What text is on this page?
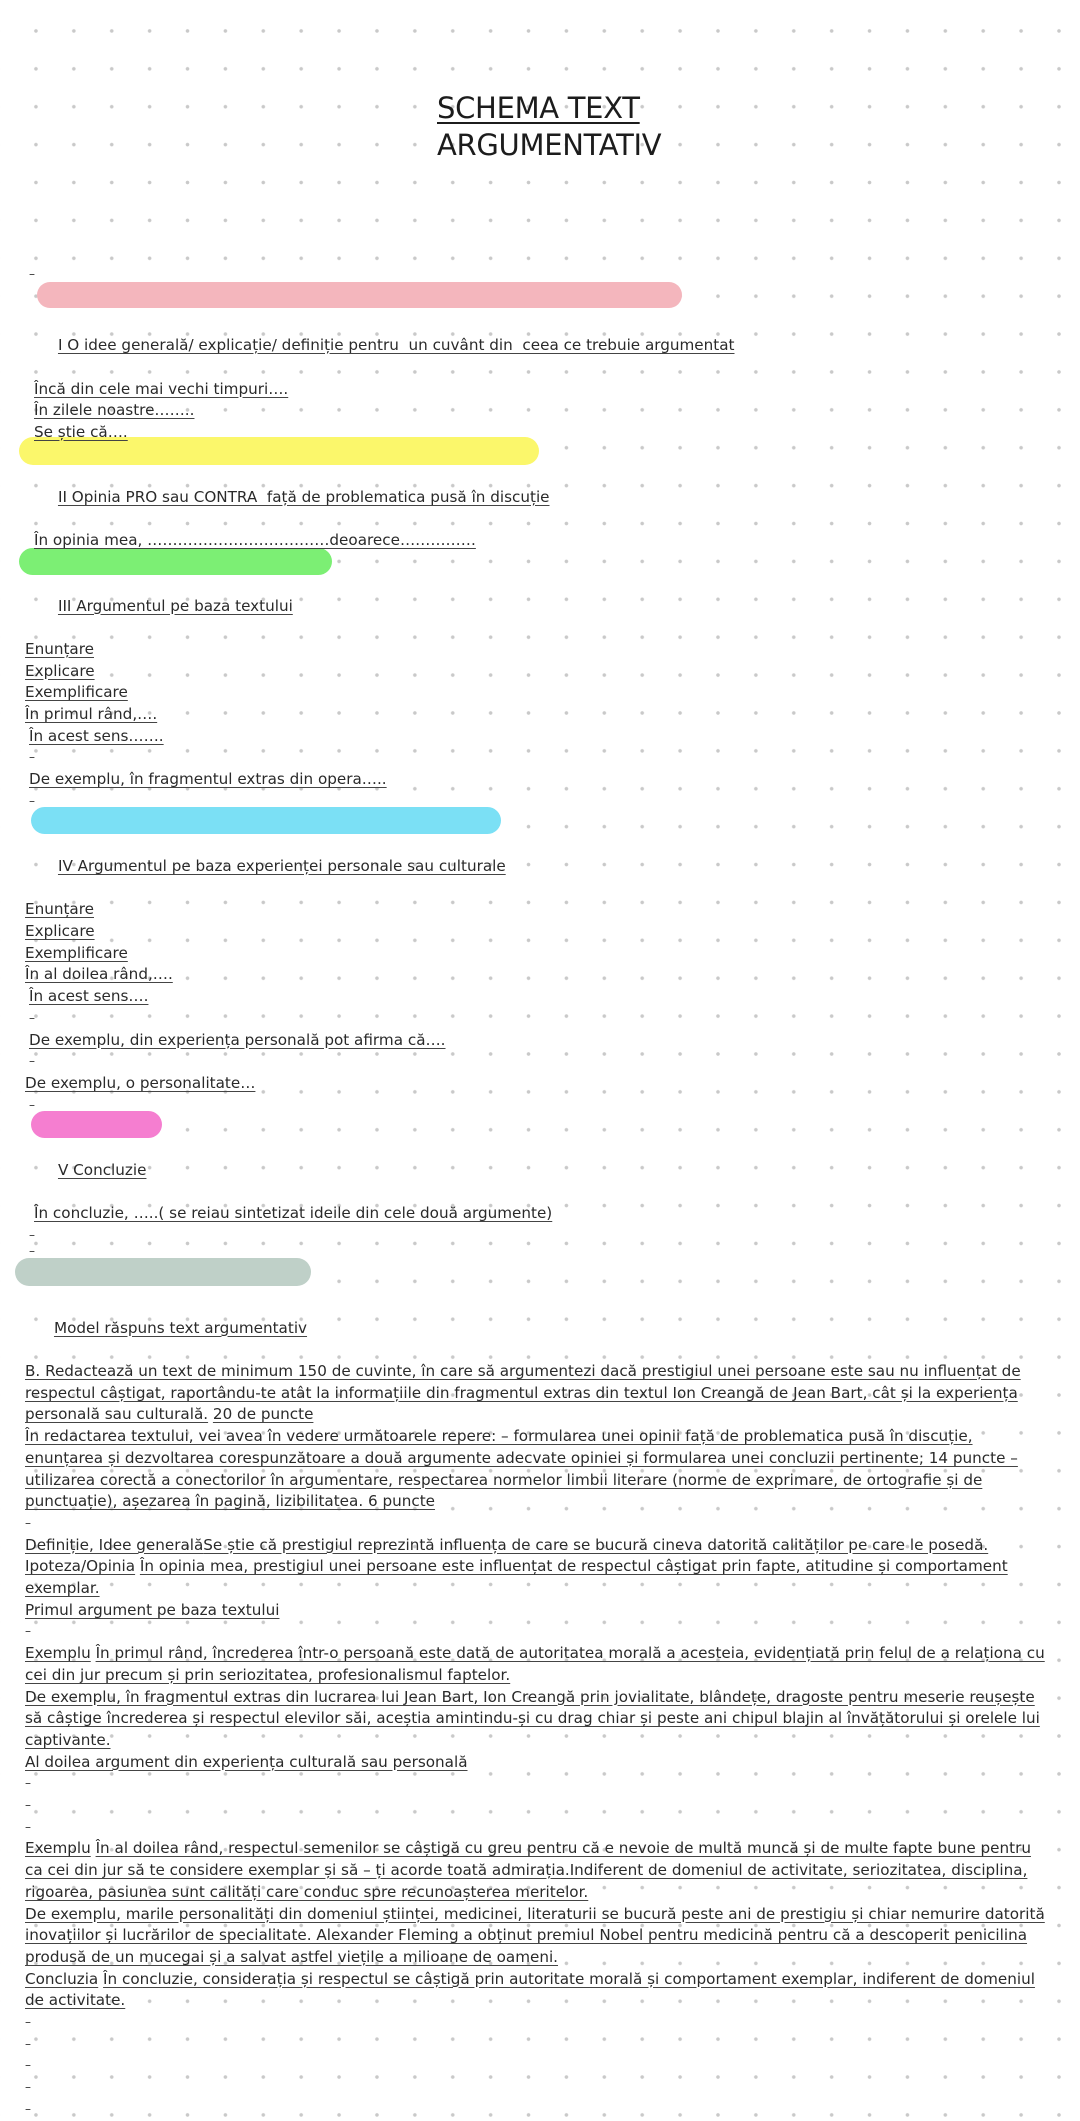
SCHEMA TEXT
ARGUMENTATIV
–

I O idee generală/ explicație/ definiție pentru  un cuvânt din  ceea ce trebuie argumentat

Încă din cele mai vechi timpuri….
În zilele noastre……..
Se știe că….

II Opinia PRO sau CONTRA  față de problematica pusă în discuție

În opinia mea, ………………………………deoarece……………

III Argumentul pe baza textului

Enunțare
Explicare
Exemplificare
În primul rând,….
În acest sens…….
–
De exemplu, în fragmentul extras din opera…..
–

IV Argumentul pe baza experienței personale sau culturale

Enunțare
Explicare
Exemplificare
În al doilea rând,….
În acest sens….
–
De exemplu, din experiența personală pot afirma că….
–
De exemplu, o personalitate…
–

V Concluzie

În concluzie, …..( se reiau sintetizat ideile din cele două argumente)
–
–

Model răspuns text argumentativ

B. Redactează un text de minimum 150 de cuvinte, în care să argumentezi dacă prestigiul unei persoane este sau nu influențat de respectul câștigat, raportându-te atât la informațiile din fragmentul extras din textul Ion Creangă de Jean Bart, cât și la experiența personală sau culturală. 20 de puncte
În redactarea textului, vei avea în vedere următoarele repere: – formularea unei opinii față de problematica pusă în discuție, enunțarea și dezvoltarea corespunzătoare a două argumente adecvate opiniei și formularea unei concluzii pertinente; 14 puncte – utilizarea corectă a conectorilor în argumentare, respectarea normelor limbii literare (norme de exprimare, de ortografie și de punctuație), așezarea în pagină, lizibilitatea. 6 puncte
–
Definiție, Idee generalăSe știe că prestigiul reprezintă influența de care se bucură cineva datorită calităților pe care le posedă.
Ipoteza/Opinia În opinia mea, prestigiul unei persoane este influențat de respectul câștigat prin fapte, atitudine și comportament exemplar.
Primul argument pe baza textului
–
Exemplu În primul rând, încrederea într-o persoană este dată de autoritatea morală a acesteia, evidențiată prin felul de a relaționa cu cei din jur precum și prin seriozitatea, profesionalismul faptelor.
De exemplu, în fragmentul extras din lucrarea lui Jean Bart, Ion Creangă prin jovialitate, blândețe, dragoste pentru meserie reușește să câștige încrederea și respectul elevilor săi, aceștia amintindu-și cu drag chiar și peste ani chipul blajin al învățătorului și orelele lui captivante.
Al doilea argument din experiența culturală sau personală
–
–
–
Exemplu În al doilea rând, respectul semenilor se câștigă cu greu pentru că e nevoie de multă muncă și de multe fapte bune pentru ca cei din jur să te considere exemplar și să – ți acorde toată admirația.Indiferent de domeniul de activitate, seriozitatea, disciplina, rigoarea, pasiunea sunt calități care conduc spre recunoașterea meritelor.
De exemplu, marile personalități din domeniul științei, medicinei, literaturii se bucură peste ani de prestigiu și chiar nemurire datorită inovațiilor și lucrărilor de specialitate. Alexander Fleming a obținut premiul Nobel pentru medicină pentru că a descoperit penicilina produsă de un mucegai și a salvat astfel viețile a milioane de oameni.
Concluzia În concluzie, considerația și respectul se câștigă prin autoritate morală și comportament exemplar, indiferent de domeniul de activitate.
–
–
–
–
–
